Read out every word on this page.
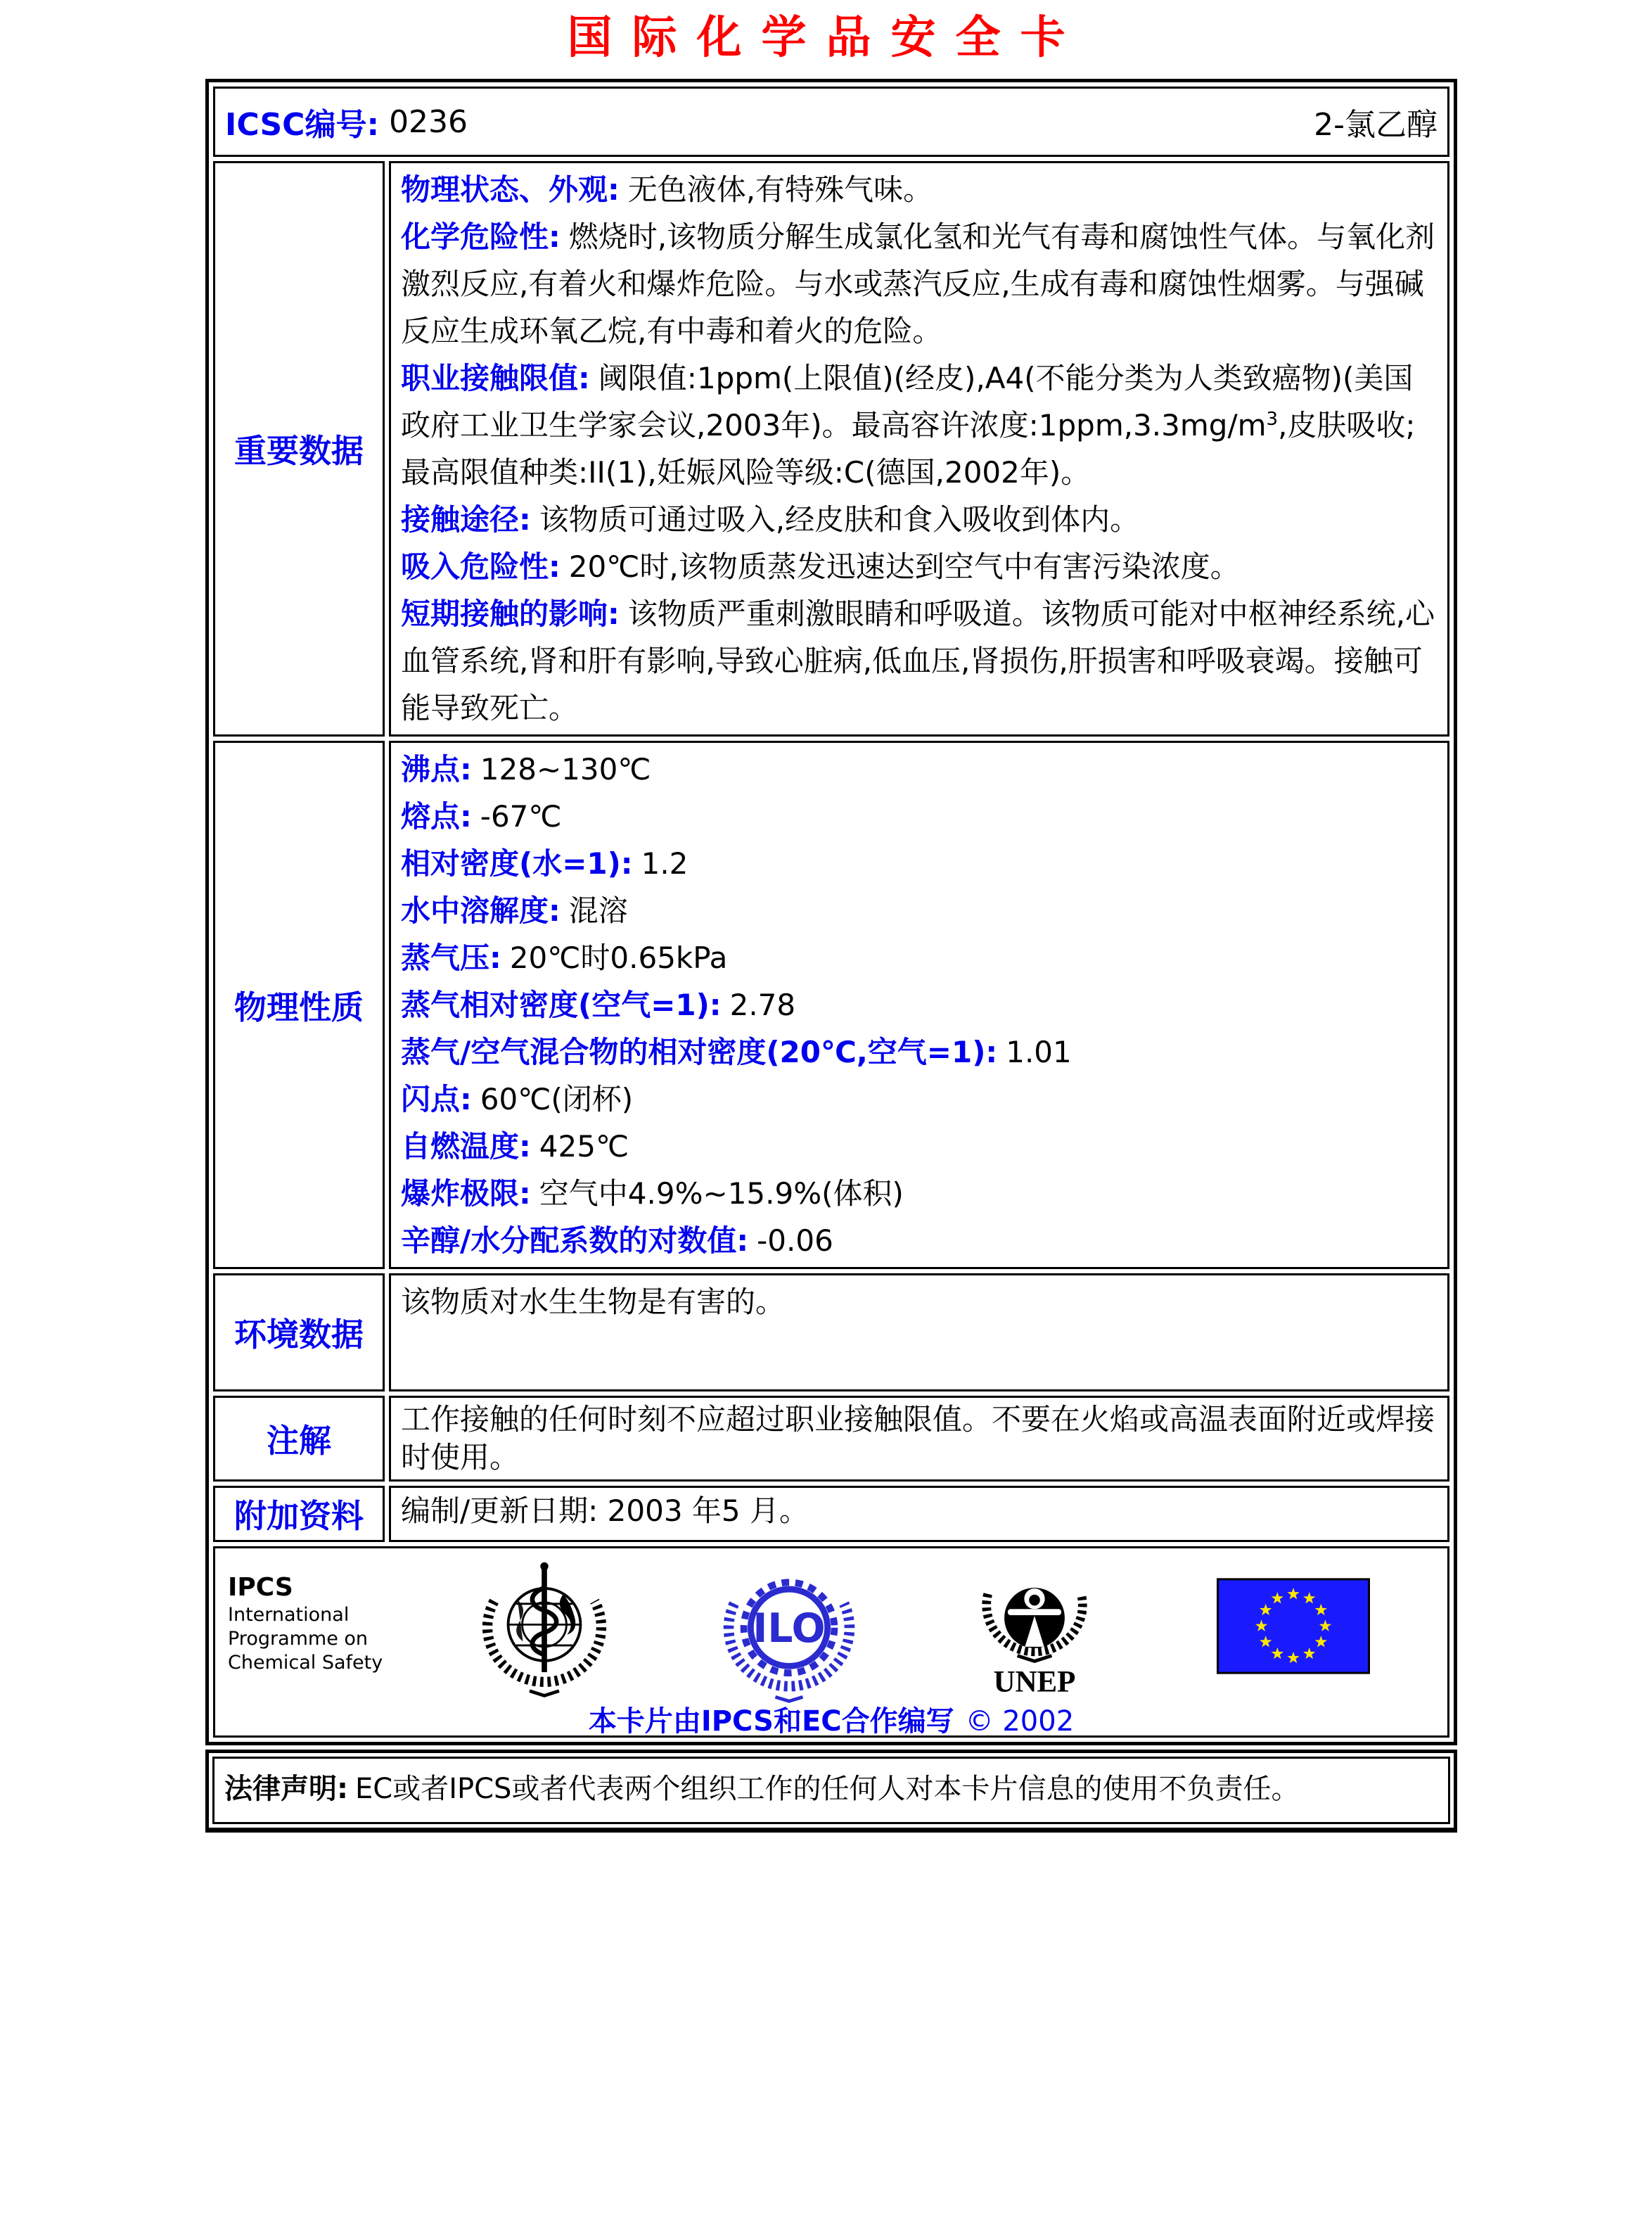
国际化学品安全卡
ICSC编号: 0236 2-氯乙醇	

重要数据	
物理状态、外观: 无色液体,有特殊气味。
化学危险性: 燃烧时,该物质分解生成氯化氢和光气有毒和腐蚀性气体。与氧化剂激烈反应,有着火和爆炸危险。与水或蒸汽反应,生成有毒和腐蚀性烟雾。与强碱反应生成环氧乙烷,有中毒和着火的危险。
职业接触限值: 阈限值:1ppm(上限值)(经皮),A4(不能分类为人类致癌物)(美国政府工业卫生学家会议,2003年)。最高容许浓度$:1ppm,3.3mg/m^3$,皮肤吸收;最高限值种类:II(1),妊娠风险等级:C(德国,2002年)。
接触途径: 该物质可通过吸入,经皮肤和食入吸收到体内。
吸入危险性: 20℃时,该物质蒸发迅速达到空气中有害污染浓度。
短期接触的影响: 该物质严重刺激眼睛和呼吸道。该物质可能对中枢神经系统,心血管系统,肾和肝有影响,导致心脏病,低血压,肾损伤,肝损害和呼吸衰竭。接触可能导致死亡。

物理性质	
沸点: 128~130℃
熔点: -67℃
相对密度(水=1): 1.2
水中溶解度: 混溶
蒸气压: 20℃时0.65kPa
蒸气相对密度(空气=1): 2.78
蒸气/空气混合物的相对密度(20℃,空气=1): 1.01
闪点: 60℃(闭杯)
自燃温度: 425℃
爆炸极限: 空气中4.9%~15.9%(体积)
辛醇/水分配系数的对数值: -0.06

环境数据	该物质对水生生物是有害的。
注解	工作接触的任何时刻不应超过职业接触限值。不要在火焰或高温表面附近或焊接时使用。
附加资料	编制/更新日期: 2003 年5 月。

IPCS
International
Programme on
Chemical Safety
ILO
UNEP
本卡片由IPCS和EC合作编写 © 2002
法律声明: EC或者IPCS或者代表两个组织工作的任何人对本卡片信息的使用不负责任。
